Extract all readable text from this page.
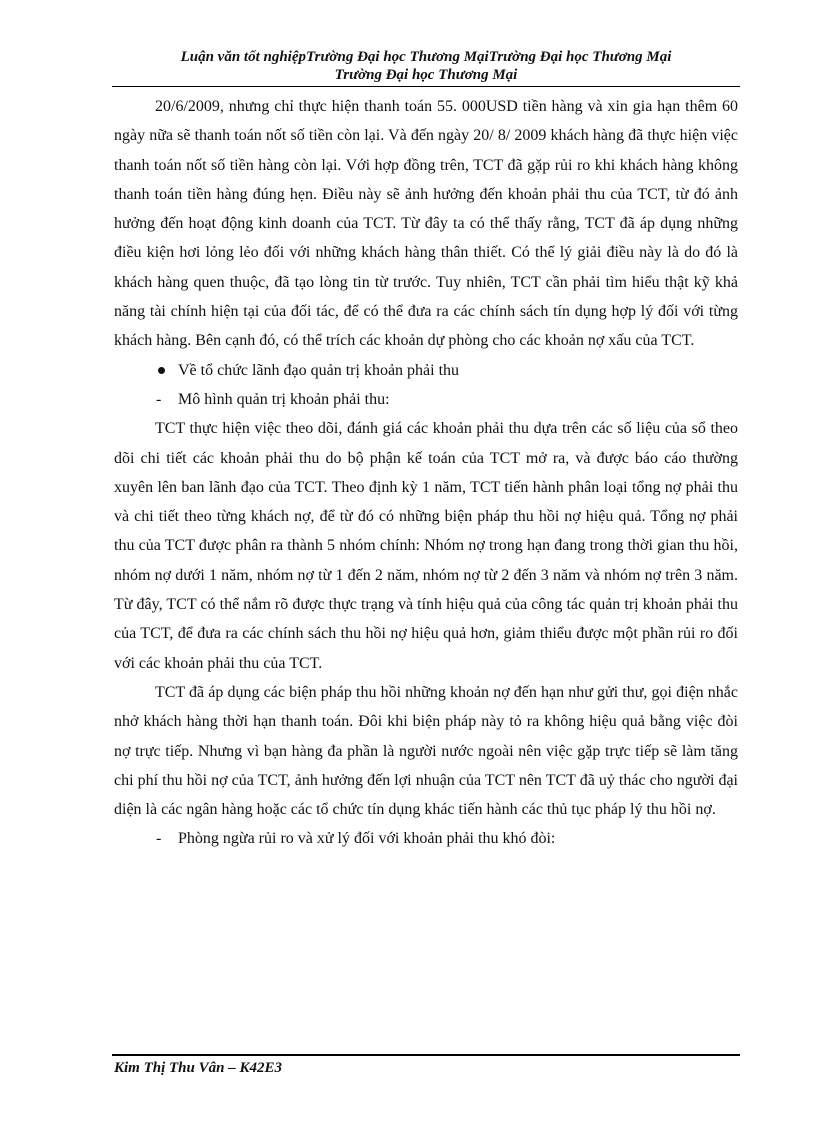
Luận văn tốt nghiệpTrường Đại học Thương MạiTrường Đại học Thương Mại
Trường Đại học Thương Mại

20/6/2009, nhưng chỉ thực hiện thanh toán 55. 000USD tiền hàng và xin gia hạn thêm 60 ngày nữa sẽ thanh toán nốt số tiền còn lại. Và đến ngày 20/ 8/ 2009 khách hàng đã thực hiện việc thanh toán nốt số tiền hàng còn lại. Với hợp đồng trên, TCT đã gặp rủi ro khi khách hàng không thanh toán tiền hàng đúng hẹn. Điều này sẽ ảnh hưởng đến khoản phải thu của TCT, từ đó ảnh hưởng đến hoạt động kinh doanh của TCT. Từ đây ta có thể thấy rằng, TCT đã áp dụng những điều kiện hơi lỏng lẻo đối với những khách hàng thân thiết. Có thể lý giải điều này là do đó là khách hàng quen thuộc, đã tạo lòng tin từ trước. Tuy nhiên, TCT cần phải tìm hiểu thật kỹ khả năng tài chính hiện tại của đối tác, để có thể đưa ra các chính sách tín dụng hợp lý đối với từng khách hàng. Bên cạnh đó, có thể trích các khoản dự phòng cho các khoản nợ xấu của TCT.

Về tổ chức lãnh đạo quản trị khoản phải thu

- Mô hình quản trị khoản phải thu:

TCT thực hiện việc theo dõi, đánh giá các khoản phải thu dựa trên các số liệu của sổ theo dõi chi tiết các khoản phải thu do bộ phận kế toán của TCT mở ra, và được báo cáo thường xuyên lên ban lãnh đạo của TCT. Theo định kỳ 1 năm, TCT tiến hành phân loại tổng nợ phải thu và chi tiết theo từng khách nợ, để từ đó có những biện pháp thu hồi nợ hiệu quả. Tổng nợ phải thu của TCT được phân ra thành 5 nhóm chính: Nhóm nợ trong hạn đang trong thời gian thu hồi, nhóm nợ dưới 1 năm, nhóm nợ từ 1 đến 2 năm, nhóm nợ từ 2 đến 3 năm và nhóm nợ trên 3 năm. Từ đây, TCT có thể nắm rõ được thực trạng và tính hiệu quả của công tác quản trị khoản phải thu của TCT, để đưa ra các chính sách thu hồi nợ hiệu quả hơn, giảm thiểu được một phần rủi ro đối với các khoản phải thu của TCT.

TCT đã áp dụng các biện pháp thu hồi những khoản nợ đến hạn như gửi thư, gọi điện nhắc nhở khách hàng thời hạn thanh toán. Đôi khi biện pháp này tỏ ra không hiệu quả bằng việc đòi nợ trực tiếp. Nhưng vì bạn hàng đa phần là người nước ngoài nên việc gặp trực tiếp sẽ làm tăng chi phí thu hồi nợ của TCT, ảnh hưởng đến lợi nhuận của TCT nên TCT đã uỷ thác cho người đại diện là các ngân hàng hoặc các tổ chức tín dụng khác tiến hành các thủ tục pháp lý thu hồi nợ.

- Phòng ngừa rủi ro và xử lý đối với khoản phải thu khó đòi:

Kim Thị Thu Vân – K42E3
